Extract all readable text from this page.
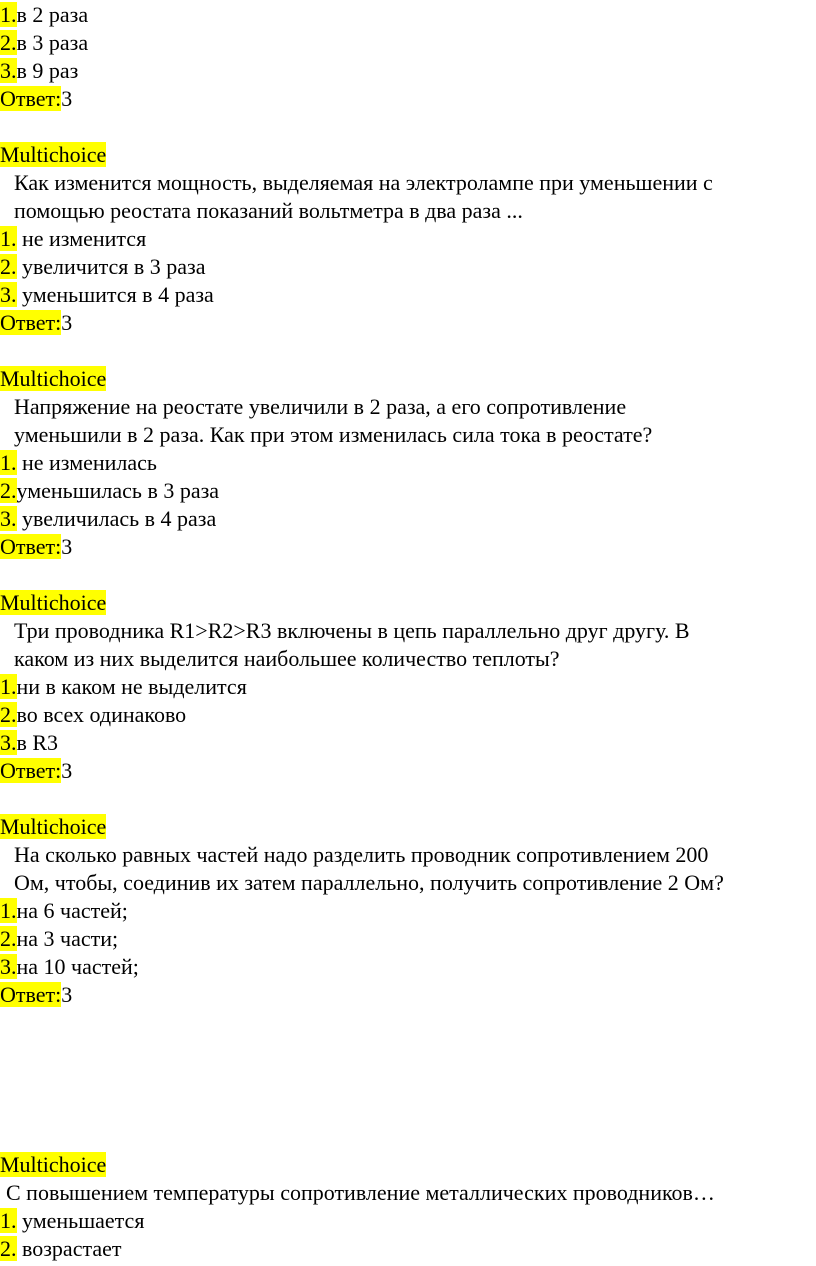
1.в 2 раза
2.в 3 раза
3.в 9 раз
Ответ:3
Multichoice
Как изменится мощность, выделяемая на электролампе при уменьшении с
помощью реостата показаний вольтметра в два раза ...
1. не изменится
2. увеличится в 3 раза
3. уменьшится в 4 раза
Ответ:3
Multichoice
Напряжение на реостате увеличили в 2 раза, а его сопротивление
уменьшили в 2 раза. Как при этом изменилась сила тока в реостате?
1. не изменилась
2.уменьшилась в 3 раза
3. увеличилась в 4 раза
Ответ:3
Multichoice
Три проводника R1>R2>R3 включены в цепь параллельно друг другу. В
каком из них выделится наибольшее количество теплоты?
1.ни в каком не выделится
2.во всех одинаково
3.в R3
Ответ:3
Multichoice
На сколько равных частей надо разделить проводник сопротивлением 200
Ом, чтобы, соединив их затем параллельно, получить сопротивление 2 Ом?
1.на 6 частей;
2.на 3 части;
3.на 10 частей;
Ответ:3
Multichoice
С повышением температуры сопротивление металлических проводников…
1. уменьшается
2. возрастает
